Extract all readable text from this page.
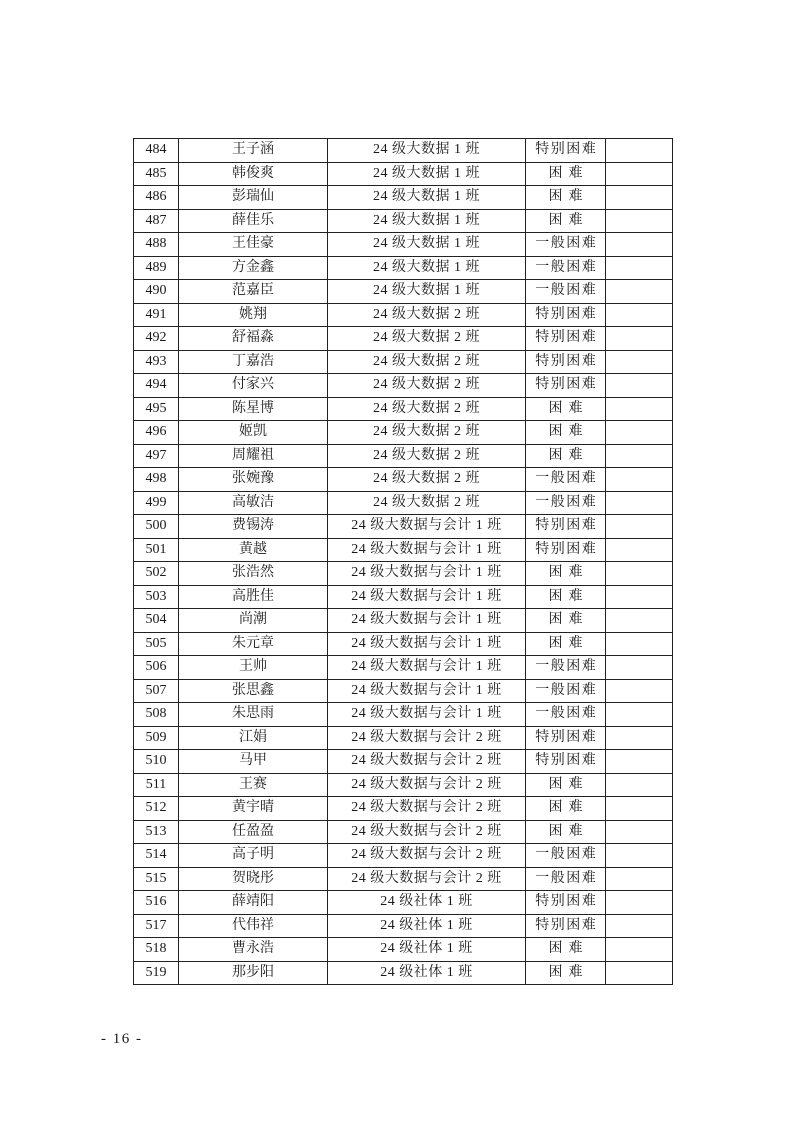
484	王子涵	24 级大数据 1 班	特别困难	
485	韩俊爽	24 级大数据 1 班	困难	
486	彭瑞仙	24 级大数据 1 班	困难	
487	薛佳乐	24 级大数据 1 班	困难	
488	王佳豪	24 级大数据 1 班	一般困难	
489	方金鑫	24 级大数据 1 班	一般困难	
490	范嘉臣	24 级大数据 1 班	一般困难	
491	姚翔	24 级大数据 2 班	特别困难	
492	舒福淼	24 级大数据 2 班	特别困难	
493	丁嘉浩	24 级大数据 2 班	特别困难	
494	付家兴	24 级大数据 2 班	特别困难	
495	陈星博	24 级大数据 2 班	困难	
496	姬凯	24 级大数据 2 班	困难	
497	周耀祖	24 级大数据 2 班	困难	
498	张婉豫	24 级大数据 2 班	一般困难	
499	高敏洁	24 级大数据 2 班	一般困难	
500	费锡涛	24 级大数据与会计 1 班	特别困难	
501	黄越	24 级大数据与会计 1 班	特别困难	
502	张浩然	24 级大数据与会计 1 班	困难	
503	高胜佳	24 级大数据与会计 1 班	困难	
504	尚潮	24 级大数据与会计 1 班	困难	
505	朱元章	24 级大数据与会计 1 班	困难	
506	王帅	24 级大数据与会计 1 班	一般困难	
507	张思鑫	24 级大数据与会计 1 班	一般困难	
508	朱思雨	24 级大数据与会计 1 班	一般困难	
509	江娟	24 级大数据与会计 2 班	特别困难	
510	马甲	24 级大数据与会计 2 班	特别困难	
511	王赛	24 级大数据与会计 2 班	困难	
512	黄宇晴	24 级大数据与会计 2 班	困难	
513	任盈盈	24 级大数据与会计 2 班	困难	
514	高子明	24 级大数据与会计 2 班	一般困难	
515	贺晓彤	24 级大数据与会计 2 班	一般困难	
516	薛靖阳	24 级社体 1 班	特别困难	
517	代伟祥	24 级社体 1 班	特别困难	
518	曹永浩	24 级社体 1 班	困难	
519	那步阳	24 级社体 1 班	困难	
- 16 -
